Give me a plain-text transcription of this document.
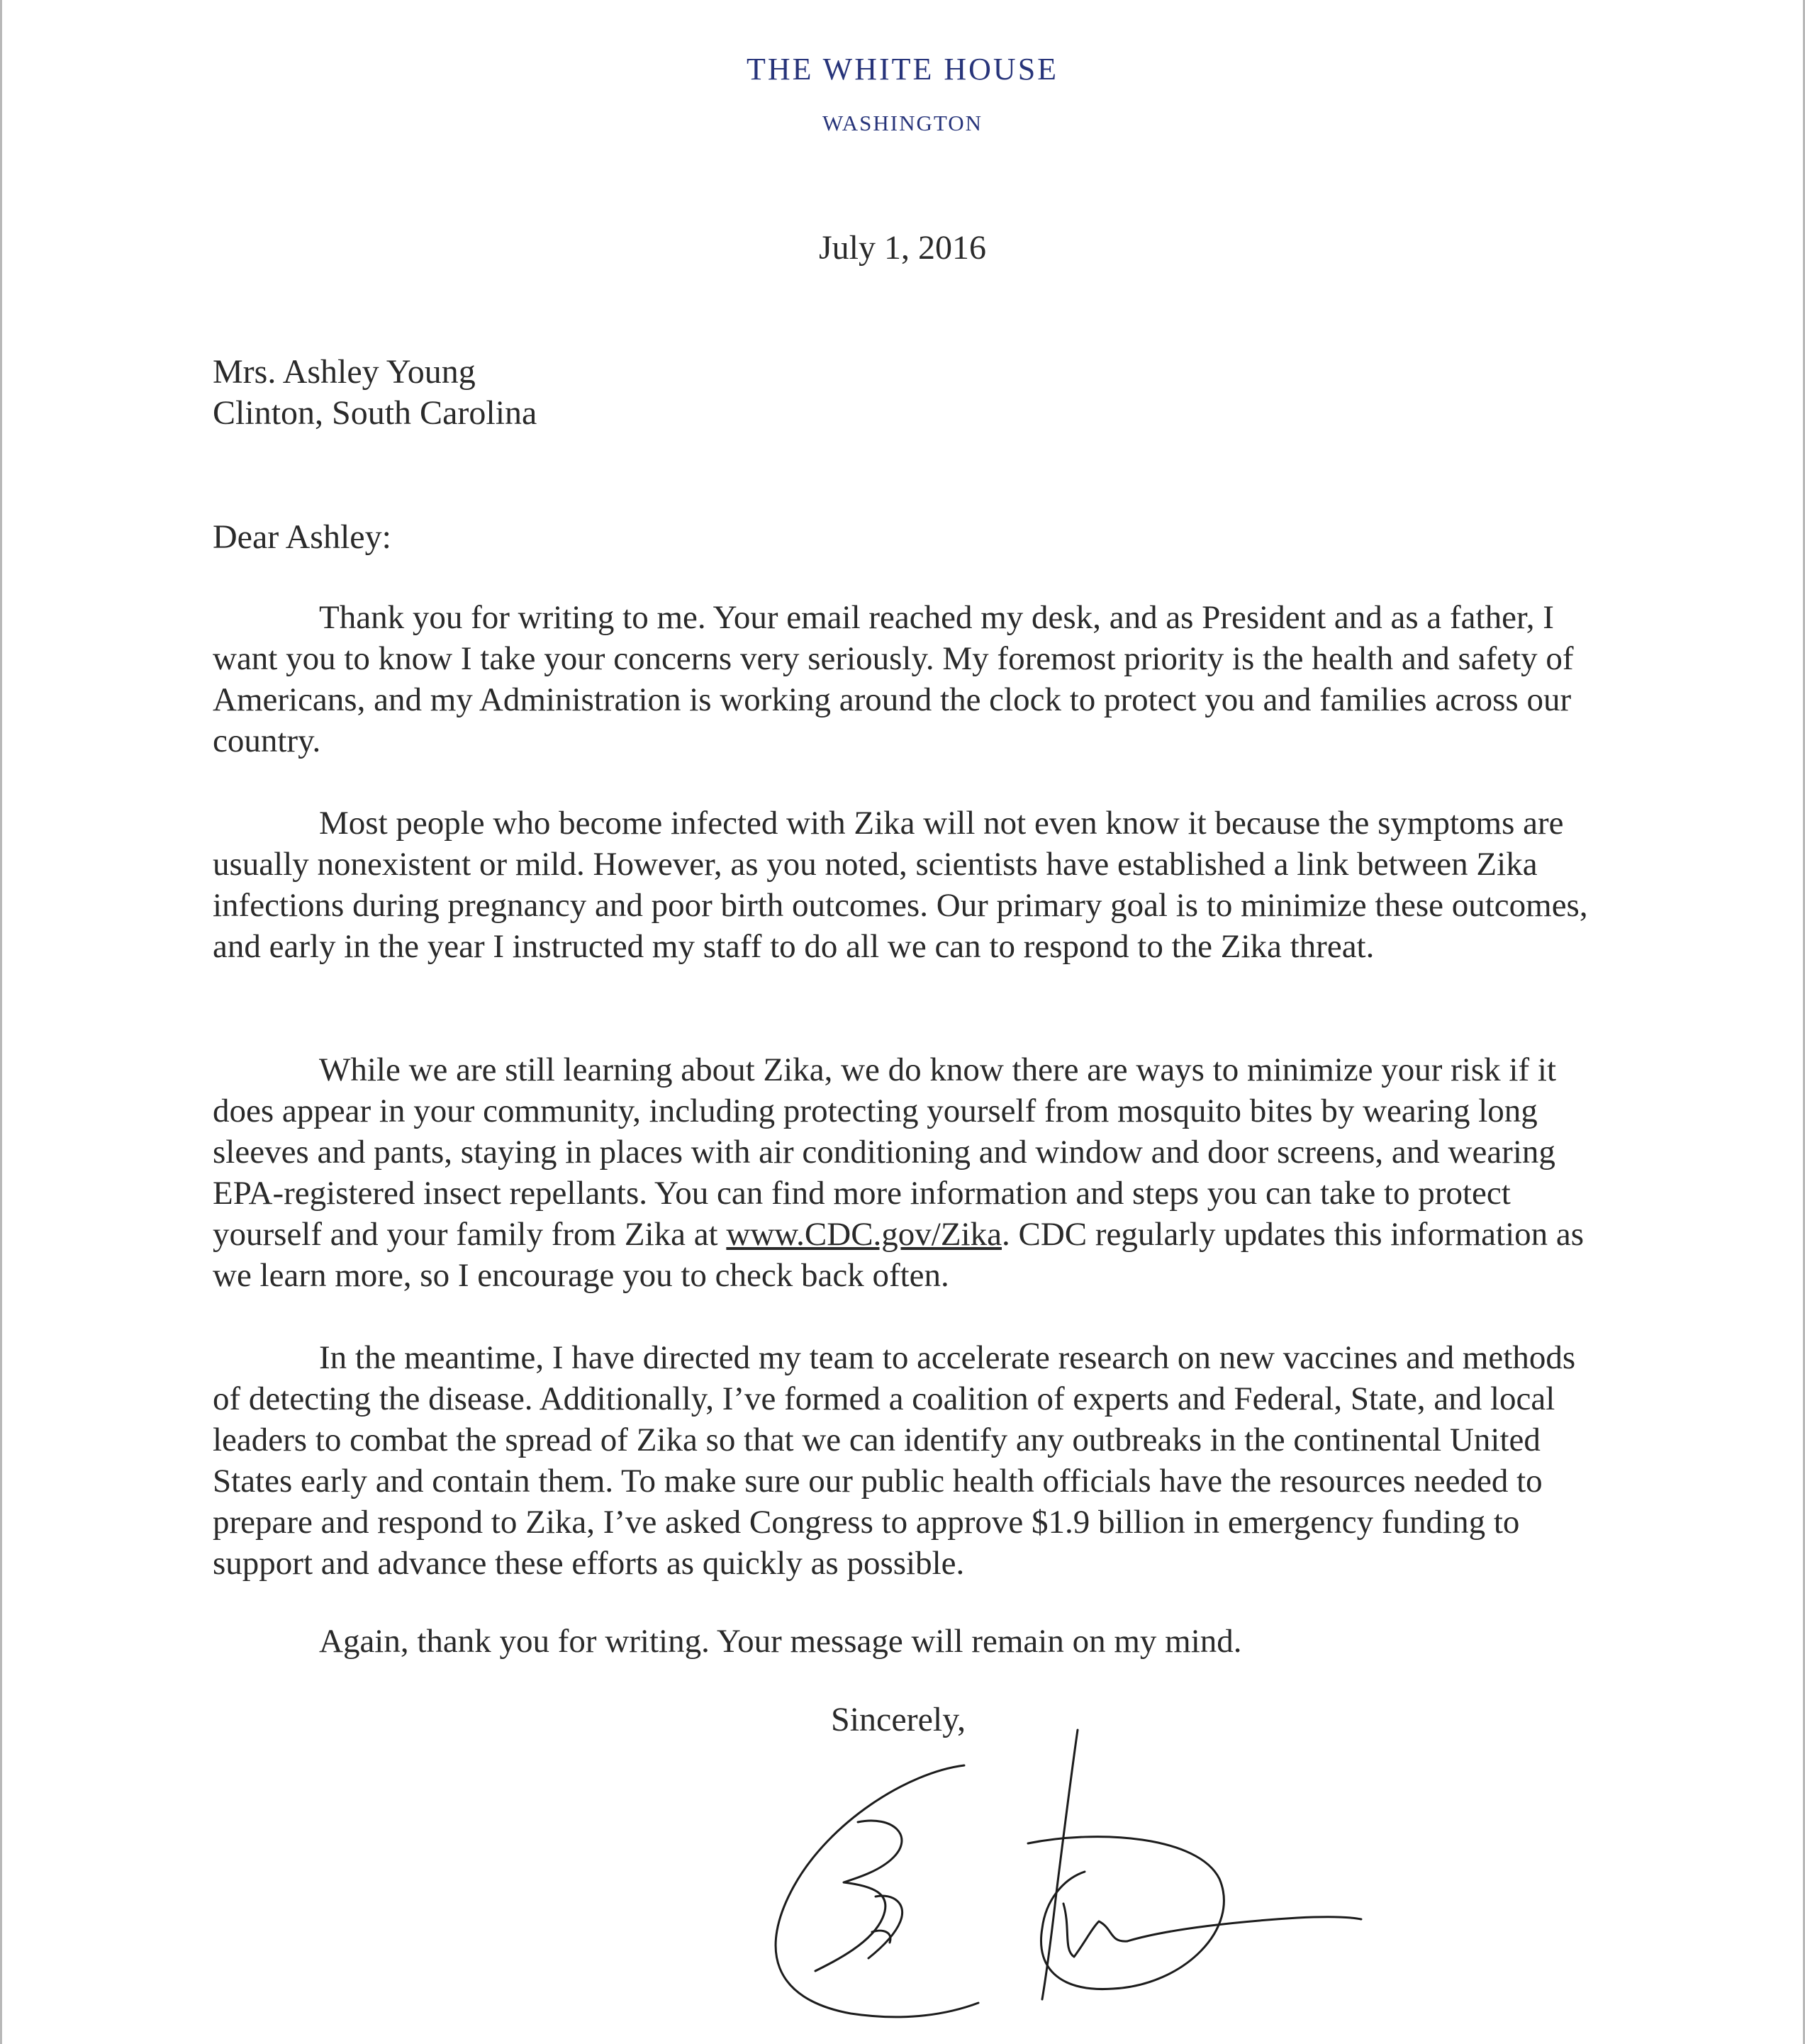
THE WHITE HOUSE
WASHINGTON
July 1, 2016
Mrs. Ashley Young
Clinton, South Carolina
Dear Ashley:
Thank you for writing to me. Your email reached my desk, and as President and as a father, I want you to know I take your concerns very seriously. My foremost priority is the health and safety of Americans, and my Administration is working around the clock to protect you and families across our country.
Most people who become infected with Zika will not even know it because the symptoms are usually nonexistent or mild. However, as you noted, scientists have established a link between Zika infections during pregnancy and poor birth outcomes. Our primary goal is to minimize these outcomes, and early in the year I instructed my staff to do all we can to respond to the Zika threat.
While we are still learning about Zika, we do know there are ways to minimize your risk if it does appear in your community, including protecting yourself from mosquito bites by wearing long sleeves and pants, staying in places with air conditioning and window and door screens, and wearing EPA-registered insect repellants. You can find more information and steps you can take to protect yourself and your family from Zika at www.CDC.gov/Zika. CDC regularly updates this information as we learn more, so I encourage you to check back often.
In the meantime, I have directed my team to accelerate research on new vaccines and methods of detecting the disease. Additionally, I’ve formed a coalition of experts and Federal, State, and local leaders to combat the spread of Zika so that we can identify any outbreaks in the continental United States early and contain them. To make sure our public health officials have the resources needed to prepare and respond to Zika, I’ve asked Congress to approve $1.9 billion in emergency funding to support and advance these efforts as quickly as possible.
Again, thank you for writing. Your message will remain on my mind.
Sincerely,
